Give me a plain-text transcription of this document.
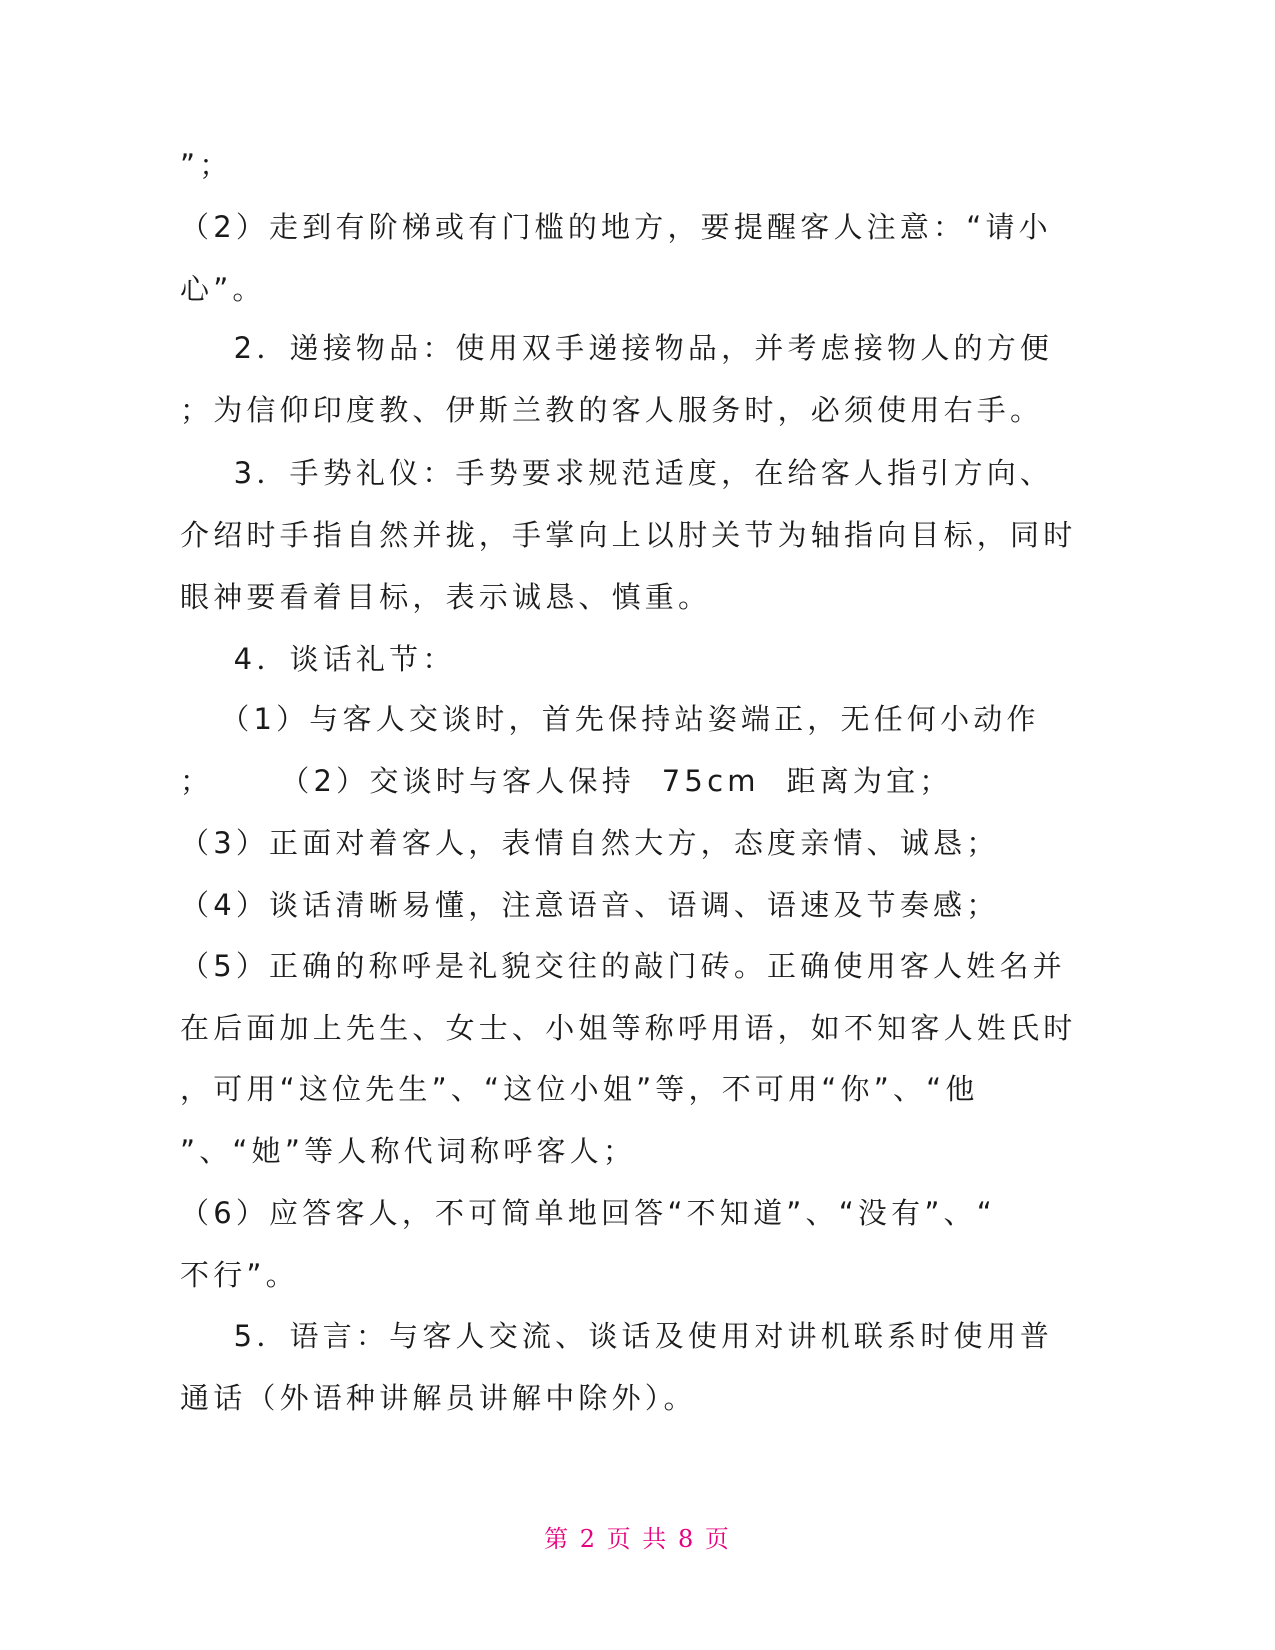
”；
（2）走到有阶梯或有门槛的地方，要提醒客人注意：“请小
心”。
2．递接物品：使用双手递接物品，并考虑接物人的方便
；为信仰印度教、伊斯兰教的客人服务时，必须使用右手。
3．手势礼仪：手势要求规范适度，在给客人指引方向、
介绍时手指自然并拢，手掌向上以肘关节为轴指向目标，同时
眼神要看着目标，表示诚恳、慎重。
4．谈话礼节：
（1）与客人交谈时，首先保持站姿端正，无任何小动作
；     （2）交谈时与客人保持  75cm  距离为宜；
（3）正面对着客人，表情自然大方，态度亲情、诚恳；
（4）谈话清晰易懂，注意语音、语调、语速及节奏感；
（5）正确的称呼是礼貌交往的敲门砖。正确使用客人姓名并
在后面加上先生、女士、小姐等称呼用语，如不知客人姓氏时
，可用“这位先生”、“这位小姐”等，不可用“你”、“他
”、“她”等人称代词称呼客人；
（6）应答客人，不可简单地回答“不知道”、“没有”、“
不行”。
5．语言：与客人交流、谈话及使用对讲机联系时使用普
通话（外语种讲解员讲解中除外）。
第 2 页 共 8 页
